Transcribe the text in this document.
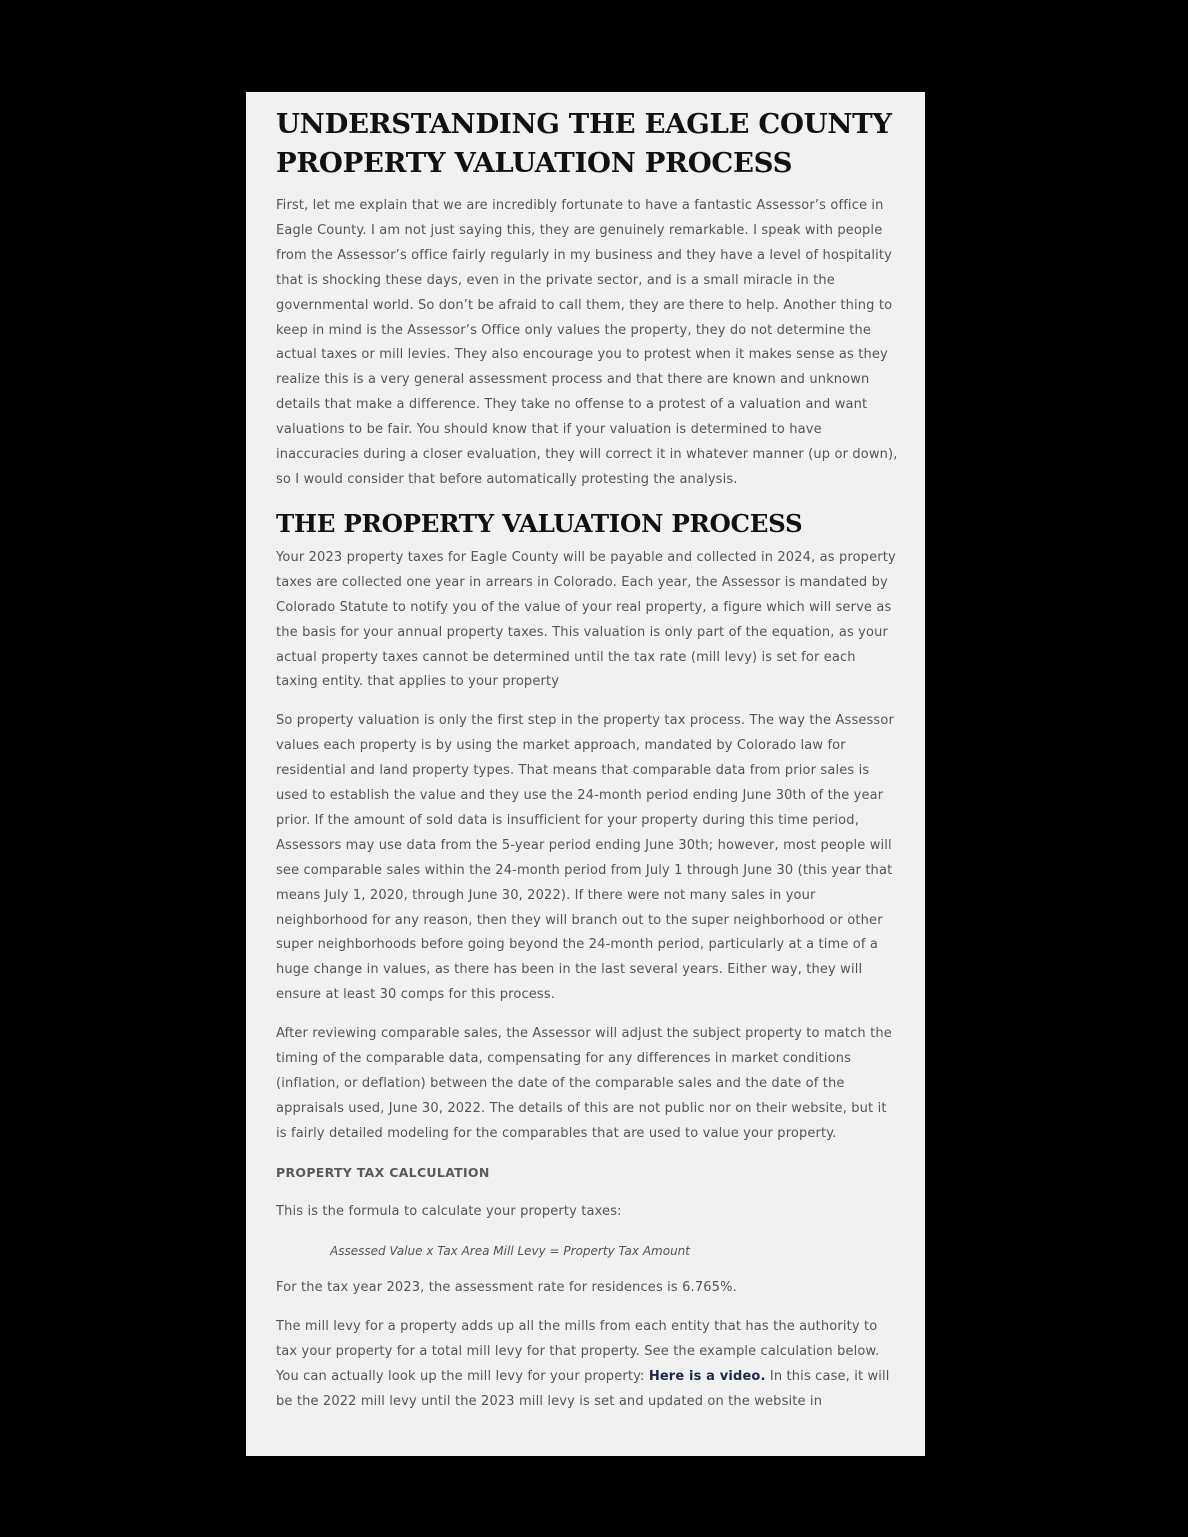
UNDERSTANDING THE EAGLE COUNTY PROPERTY VALUATION PROCESS

First, let me explain that we are incredibly fortunate to have a fantastic Assessor’s office in Eagle County. I am not just saying this, they are genuinely remarkable. I speak with people from the Assessor’s office fairly regularly in my business and they have a level of hospitality that is shocking these days, even in the private sector, and is a small miracle in the governmental world. So don’t be afraid to call them, they are there to help. Another thing to keep in mind is the Assessor’s Office only values the property, they do not determine the actual taxes or mill levies. They also encourage you to protest when it makes sense as they realize this is a very general assessment process and that there are known and unknown details that make a difference. They take no offense to a protest of a valuation and want valuations to be fair. You should know that if your valuation is determined to have inaccuracies during a closer evaluation, they will correct it in whatever manner (up or down), so I would consider that before automatically protesting the analysis.

THE PROPERTY VALUATION PROCESS

Your 2023 property taxes for Eagle County will be payable and collected in 2024, as property taxes are collected one year in arrears in Colorado. Each year, the Assessor is mandated by Colorado Statute to notify you of the value of your real property, a figure which will serve as the basis for your annual property taxes. This valuation is only part of the equation, as your actual property taxes cannot be determined until the tax rate (mill levy) is set for each taxing entity. that applies to your property

So property valuation is only the first step in the property tax process. The way the Assessor values each property is by using the market approach, mandated by Colorado law for residential and land property types. That means that comparable data from prior sales is used to establish the value and they use the 24-month period ending June 30th of the year prior. If the amount of sold data is insufficient for your property during this time period, Assessors may use data from the 5-year period ending June 30th; however, most people will see comparable sales within the 24-month period from July 1 through June 30 (this year that means July 1, 2020, through June 30, 2022). If there were not many sales in your neighborhood for any reason, then they will branch out to the super neighborhood or other super neighborhoods before going beyond the 24-month period, particularly at a time of a huge change in values, as there has been in the last several years. Either way, they will ensure at least 30 comps for this process.

After reviewing comparable sales, the Assessor will adjust the subject property to match the timing of the comparable data, compensating for any differences in market conditions (inflation, or deflation) between the date of the comparable sales and the date of the appraisals used, June 30, 2022. The details of this are not public nor on their website, but it is fairly detailed modeling for the comparables that are used to value your property.

PROPERTY TAX CALCULATION

This is the formula to calculate your property taxes:

Assessed Value x Tax Area Mill Levy = Property Tax Amount

For the tax year 2023, the assessment rate for residences is 6.765%.

The mill levy for a property adds up all the mills from each entity that has the authority to tax your property for a total mill levy for that property. See the example calculation below. You can actually look up the mill levy for your property: Here is a video. In this case, it will be the 2022 mill levy until the 2023 mill levy is set and updated on the website in
